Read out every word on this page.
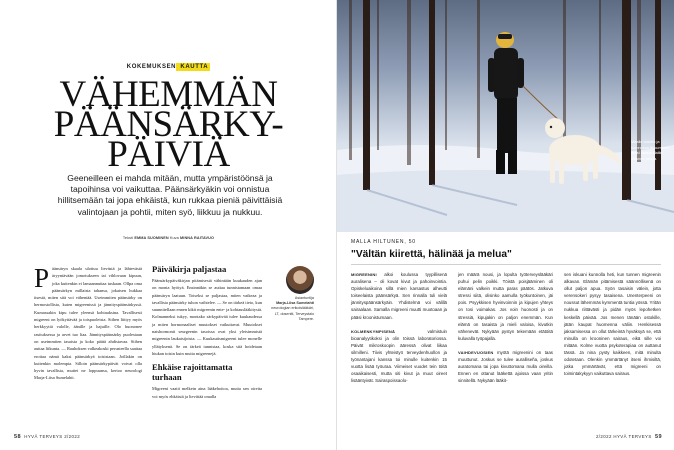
KOKEMUKSEN KAUTTA
VÄHEMMÄN
PÄÄNSÄRKY-
PÄIVIÄ

Geeneilleen ei mahda mitään, mutta ympäristöönsä ja tapoihinsa voi vaikuttaa. Päänsärkyäkin voi onnistua hillitsemään tai jopa ehkäistä, kun rukkaa pieniä päivittäisiä valintojaan ja pohtii, miten syö, liikkuu ja nukkuu.

Teksti EMMA SUOMINEN Kuva MINNA RAITAVUO
Päänsäryn skaala ulottuu lievästä ja lähtevästä äryyntävään jomotukseen tai vihlovaan kipuun, joka kuitenkin ei lamaannuttaa tuskaan. Ollpa oma päänsärkyn millaista tahansa, jokaisen hukkaa itsestä, miten sitä voi vähentää. Useimmiten päänsärky on hermostollista, kuten migreenissä ja jännityspäänsärkyssä. Kumassakin kipu tulee yleensä kohtauksina. Tavallisesti migreeni on lyökyttävää ja toispuoleista. Siihen liittyy myös herkkyyttä valolle, äänille ja hajuille. Olo huononeе rasituksessa ja arvet tuo liaa. Jännityspäänsärky puolestaan on useimmiten tasaista ja koko päätä ahdistavaa. Siihen auttaa liikunta. — Rauhoksen valkeakoski perusteella saattaa erottaa nämä kaksi päänsärkyä toisistaan. Joillakin on kuitenkin molempia. Silloin päänsärkypäivät voivat olla hyvin tavallisia, muttei ne loppuunsa, kertoo neurologi Marja-Liisa Sumelahti.
Päiväkirja paljastaa

Päänsärkypäiväkirjan pitämisestä vähintään kuukauden ajan on monta hyötyä. Ensinnäkin se auttaa tunnistamaan omaa päänsäryn laatuun. Toiseksi se paljastaa, miten vaikeaa ja tavallista päänsärky tuhon vaihtelee. — Se on tärkeä tieto, kun suunnitellaan ennen kikit migreenin ente- ja kohtauslääkitystä. Kolmanneksi tukyy, montako särkypäivää tulee kuukaudessa ja miten hormonaaliset muutokset vaikuttavat. Muutokset naishormonit seurgeenin tasoissa ovat yksi yleisimmistä migreenin laukaisijoista. — Kuukautismigreeni tulee monelle yllätyksenä. Se on tärkeä tunnistaa, koska sitä hoidetaan hiukan toisin kuin muita migreenejä.

Ehkäise rajoittamatta turhaan

Migreeni vaatii melkein aina lääkehoitoa, mutta sen oireita voi myös ehkäistä ja lievittää omalla

Asiantuntija
Marja-Liisa Sumelahti
neurologian erikoislääkäri, LT, dosentti, Terveystalo Tampere.
58 HYVÄ TERVEYS 2/2022
Maalle muutto ja luonnossa liikkuminen lisäsi kaksia Hallin hiltunen peloja.
MALLA HILTUNEN, 50
"Vältän kiirettä, hälinää ja melua"
MIGREENINI alkoi koulussa tyypillisenä auralisena – oli kovat kivut ja pahoinvointia. Opiskeluaikoina sillä mien karsastus alheutti toiseelaista päänsärkyä. Sen rinnalla tuli vielä jännityspäänsärkyäin. Yhdistelmä voi välillä sairaalaan. Samalla migreeni muutti muotoaan ja pääsi kroonistumaan.

KOLMENKYMPISENÄ valmistuin bioanalyytikoksi ja olin töissä laboratoriossa. Päivät mikroskoopin ääressä olivat liikaa silmilleni. Tiivis yhteistyö terveydenhuollon ja työnantajani kanssa toi minulle kuitenkin 15 vuotta lisää työuraa. Viimeiset vuodet tein töitä osaaikaisesti, mutta siti kivut ja muut oireet lisääntyivät. Sairaspoissaolo-
jen määrä nousi, ja lopulta työterveyslääkäri puhui pelin poikki. Töistä poisjääminen oli elämäni valkein mutta paras päätös. Jatkuva stressi siitä, olisinko aamulla työkuntoinen, jäi pois. Psyykkisen hyvinvoinnin ja kipujen yhteys on tosi voimakas. Jos voin huonosti ja on stressiä, kipujakin on paljon enemmän. Kun elämä on tasaista ja mieli valoisa, kivutkin vähenevät. Nykyään pystyn tekemään etätöitä kuluvalla työpajalla.

VAIHDEVUOSIEN myötä migreenini on taas muuttunut. Joskus se tulee auralliseña, joskus auratomana tai jopa kivuttomana mulla oireilla. Ennen en ottanut lääkettä ajoissa vaan yritin sinnitellä. Nykyään lääkit-
sen iskuani kunnolla heti, kun tunnen migreenin alkavan. Elämän pitämisestä säännöllisenä on ollut paljon apua. Syön tasaisin välein, jotta verensokeri pysyy tasaisena. Unenterpeeni on noussut lähemmäs kymmentä tuntia yössä. Yritän nukkua riittävästi ja pidän myös lepohetken keskellä päivää. Jos menen tänään ostokille, jätän kaupat huomenna väliin. Henkisessä jaksamisessa on ollut tärkeintä hyväksyä se, että minulla on krooninen sairaus, eikä sille voi mitään. Kolme vuotta psykoterapiaa on auttanut tässä. Ja nina pysty kaikkeen, mitä minulta odotetaan. Olenkin ymmärtänyt itseni ihmisiltä, jotka ymmärtävät, että migreeni on toimintakykyyn vaikuttava sairaus.
2/2022 HYVÄ TERVEYS 59
